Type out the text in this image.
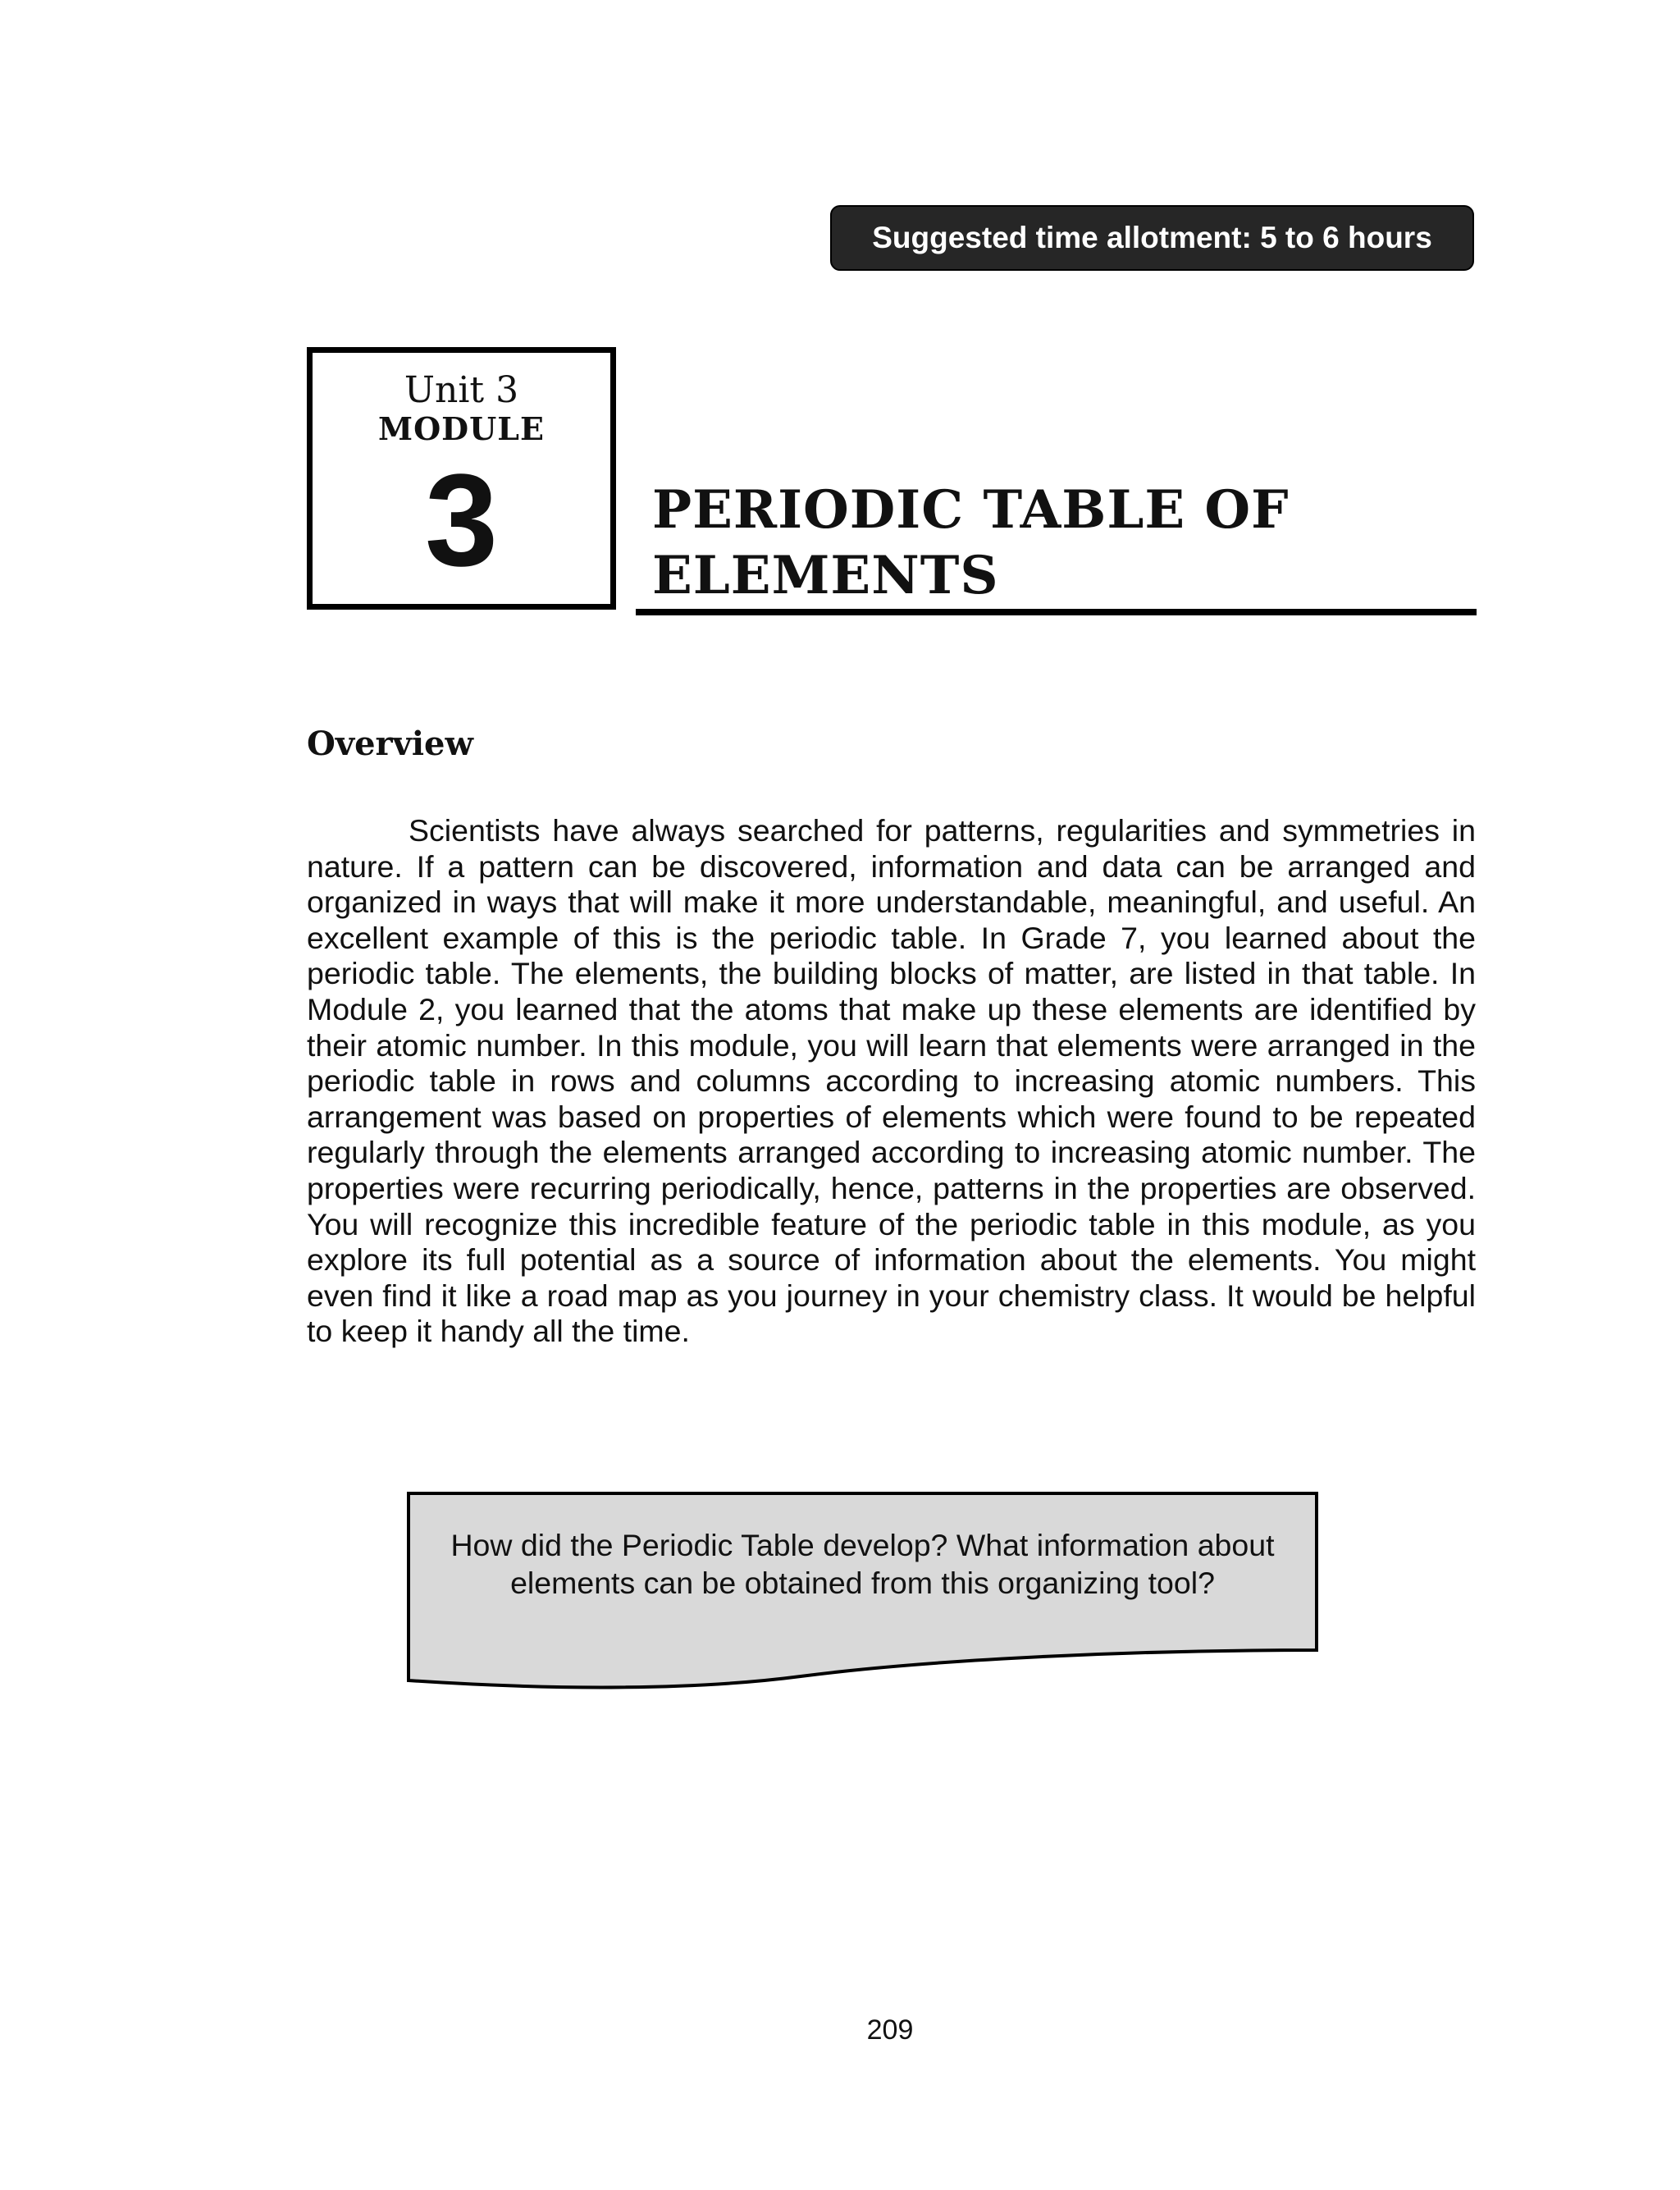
Suggested time allotment: 5 to 6 hours
Unit 3
MODULE
3	PERIODIC TABLE OF ELEMENTS
Overview

Scientists have always searched for patterns, regularities and symmetries in nature. If a pattern can be discovered, information and data can be arranged and organized in ways that will make it more understandable, meaningful, and useful. An excellent example of this is the periodic table. In Grade 7, you learned about the periodic table. The elements, the building blocks of matter, are listed in that table. In Module 2, you learned that the atoms that make up these elements are identified by their atomic number. In this module, you will learn that elements were arranged in the periodic table in rows and columns according to increasing atomic numbers. This arrangement was based on properties of elements which were found to be repeated regularly through the elements arranged according to increasing atomic number. The properties were recurring periodically, hence, patterns in the properties are observed. You will recognize this incredible feature of the periodic table in this module, as you explore its full potential as a source of information about the elements. You might even find it like a road map as you journey in your chemistry class. It would be helpful to keep it handy all the time.

How did the Periodic Table develop? What information about elements can be obtained from this organizing tool?

209
